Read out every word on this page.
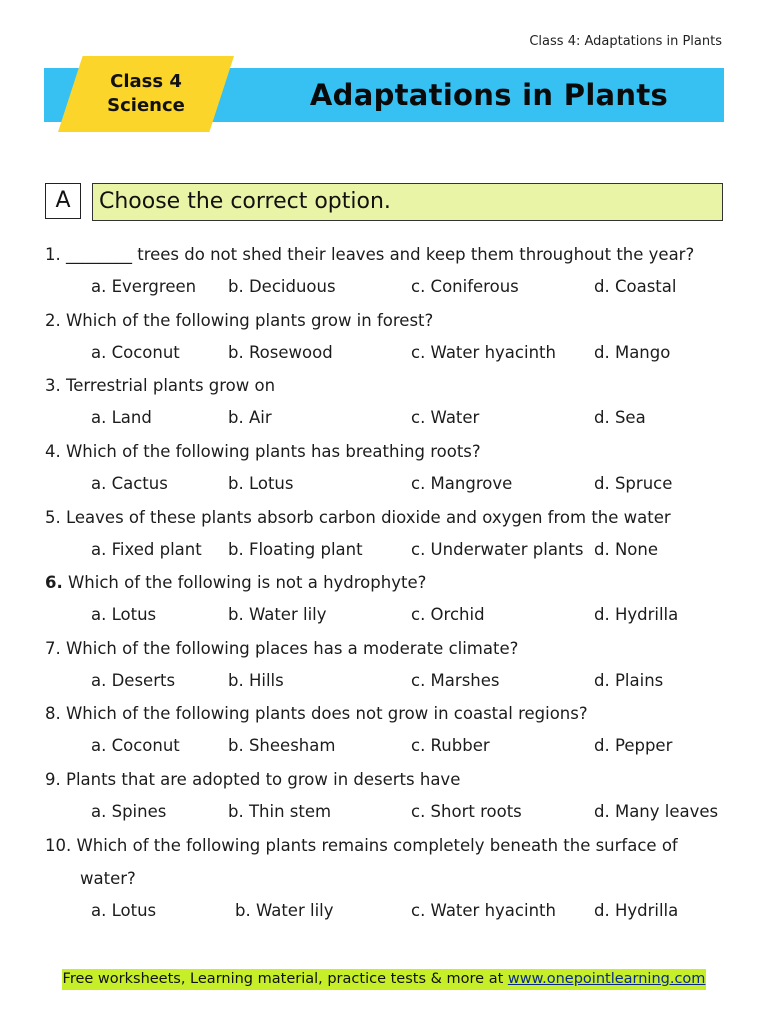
Class 4: Adaptations in Plants
Adaptations in Plants
Class 4
Science
A	Choose the correct option.
1. ________ trees do not shed their leaves and keep them throughout the year?
a. Evergreen b. Deciduous	c. Coniferous	d. Coastal
2. Which of the following plants grow in forest?
a. Coconut	b. Rosewood	c. Water hyacinth d. Mango
3. Terrestrial plants grow on
a. Land	b. Air	c. Water	d. Sea
4. Which of the following plants has breathing roots?
a. Cactus	b. Lotus	c. Mangrove	d. Spruce
5. Leaves of these plants absorb carbon dioxide and oxygen from the water
a. Fixed plant b. Floating plant	c. Underwater plants d. None
6. Which of the following is not a hydrophyte?
a. Lotus	b. Water lily	c. Orchid	d. Hydrilla
7. Which of the following places has a moderate climate?
a. Deserts	b. Hills	c. Marshes	d. Plains
8. Which of the following plants does not grow in coastal regions?
a. Coconut	b. Sheesham	c. Rubber	d. Pepper
9. Plants that are adopted to grow in deserts have
a. Spines	b. Thin stem	c. Short roots	d. Many leaves
10. Which of the following plants remains completely beneath the surface of
water?
a. Lotus	b. Water lily	c. Water hyacinth d. Hydrilla
Free worksheets, Learning material, practice tests & more at www.onepointlearning.com
